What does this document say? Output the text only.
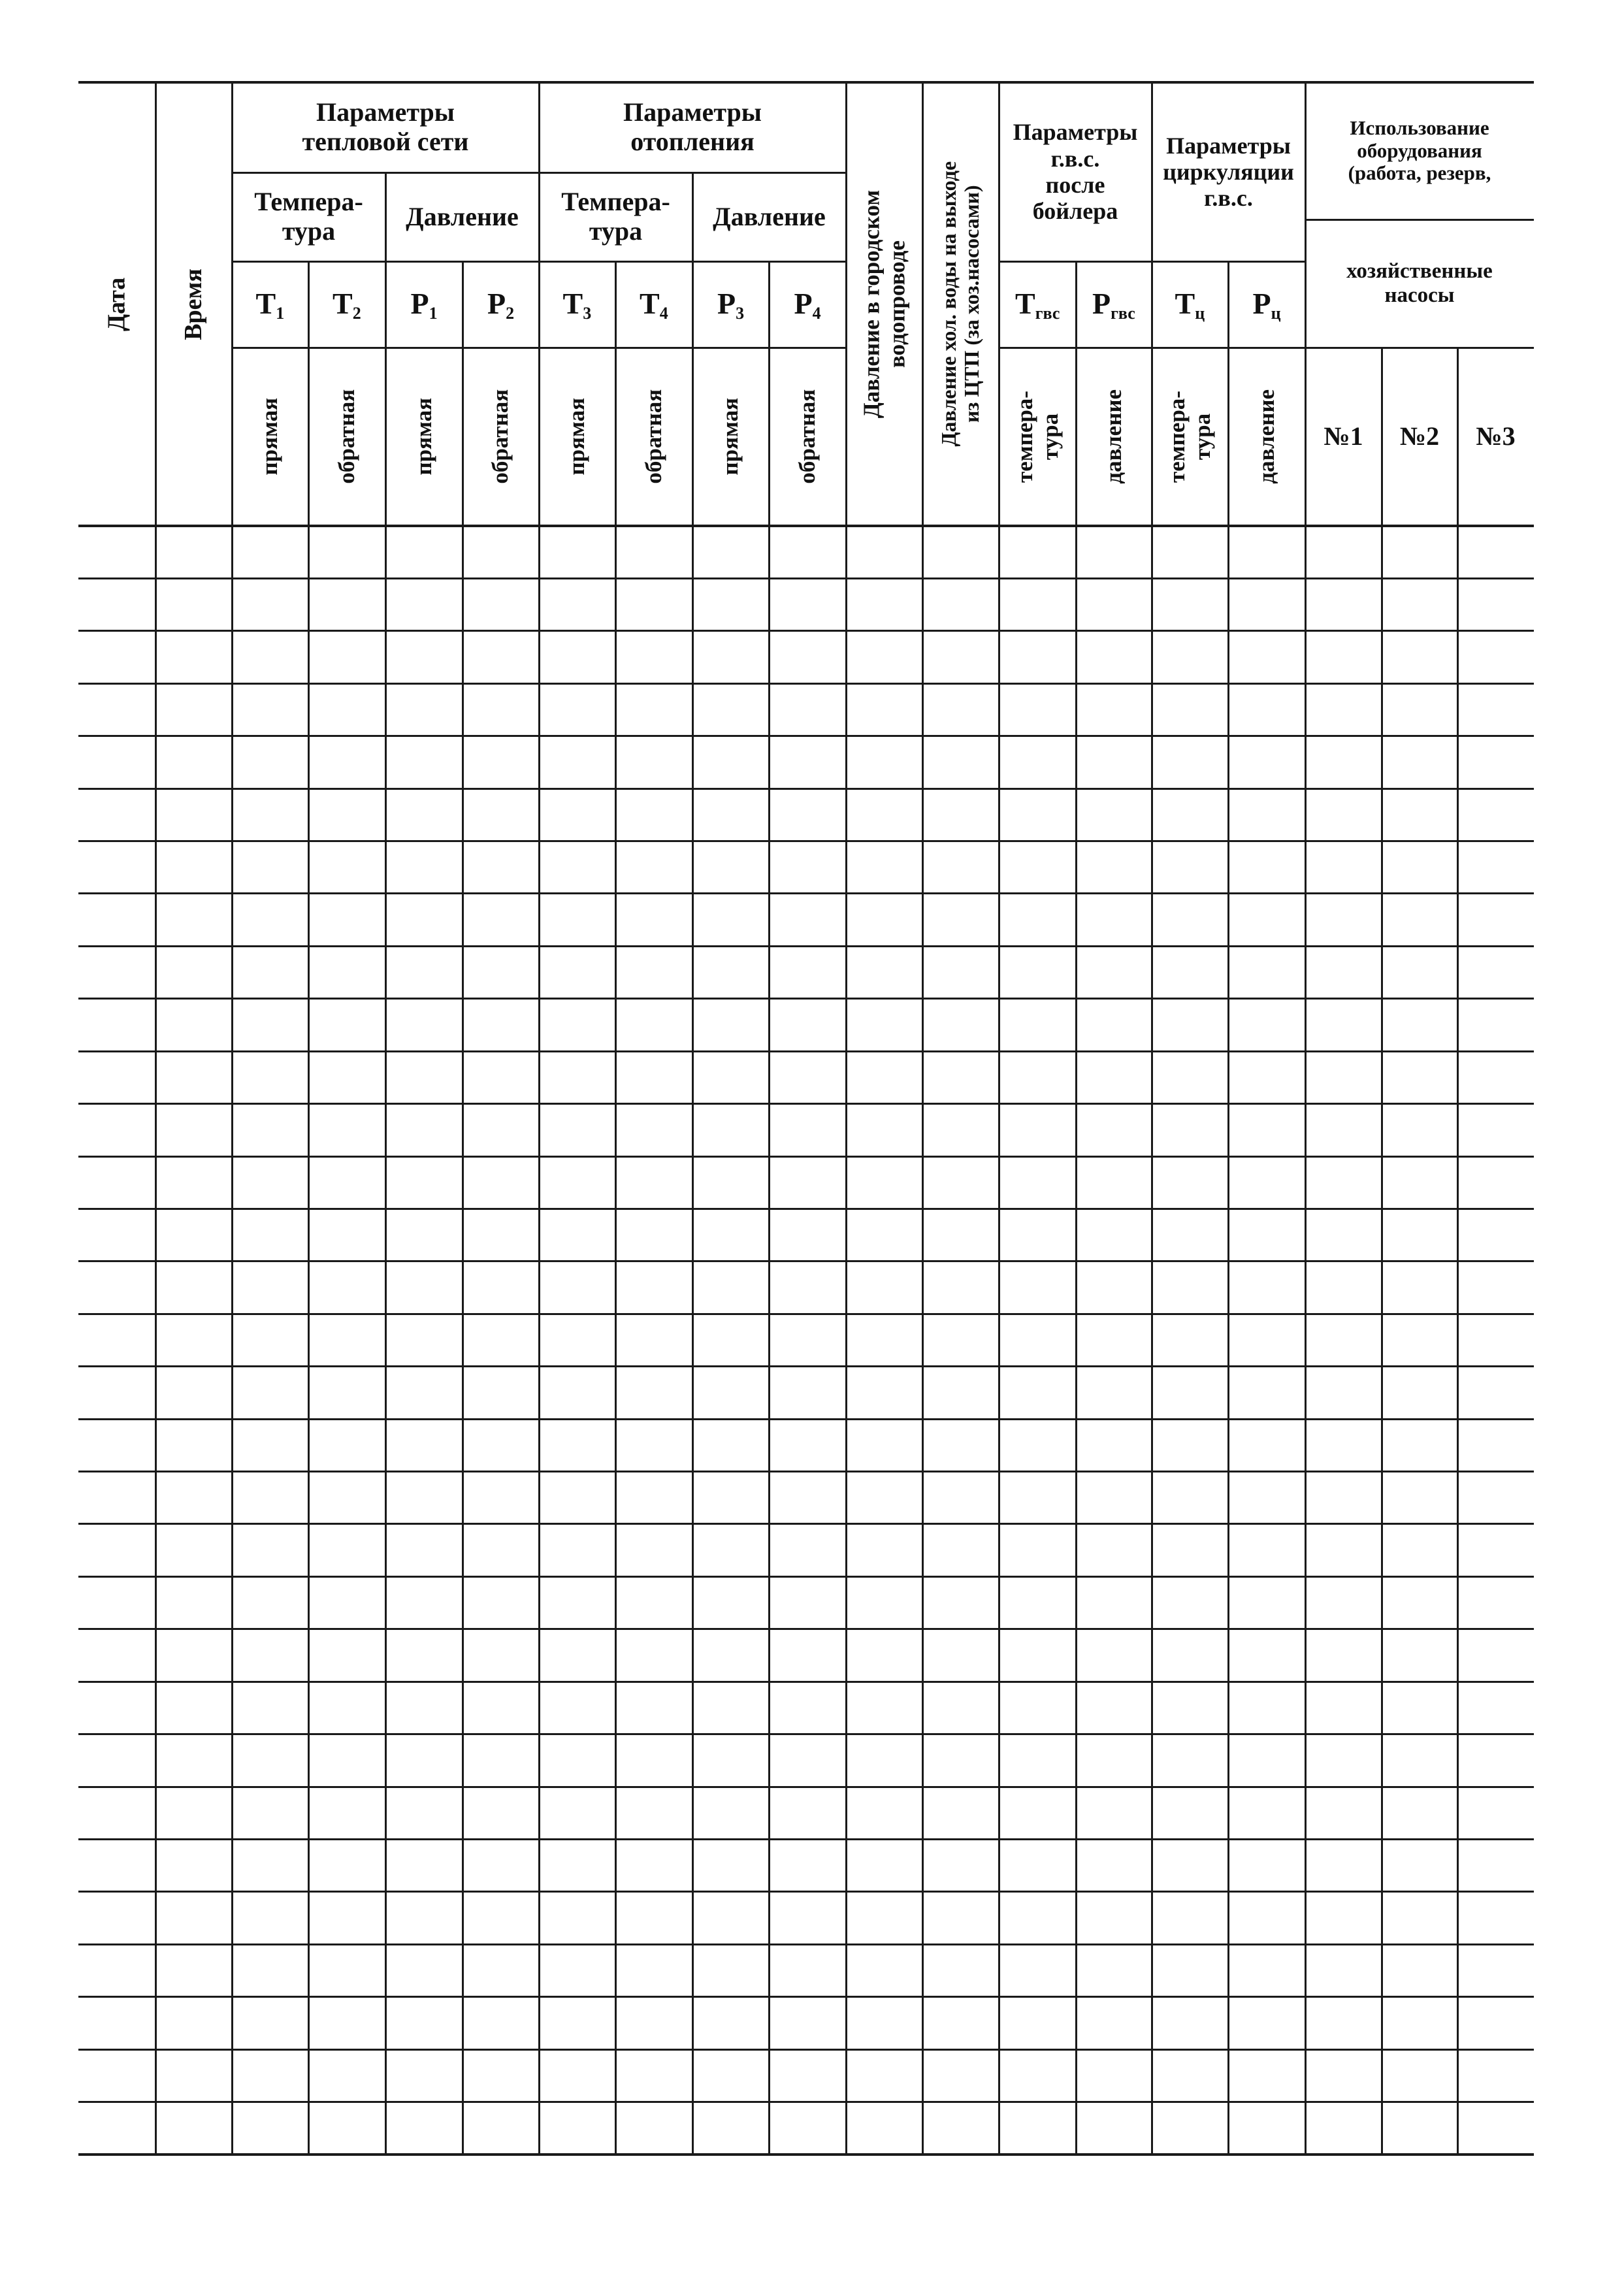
Дата Время
Параметры
тепловой сети
Темпера-
тура	Давление
$T_1$ $T_2$ $P_1$ $P_2$
прямая обратная прямая обратная
Параметры
отопления
Темпера-
тура	Давление
$T_3$ $T_4$ $P_3$ $P_4$
прямая обратная прямая обратная
Давление в городском водопроводе Давление хол. воды на выходе из ЦТП (за хоз.насосами)
Параметры
г.в.с.
после
бойлера
$T_{гвс}$ $P_{гвс}$
темпера- тура давление
Параметры
циркуляции
г.в.с.
$T_ц$ $P_ц$
темпера- тура давление
Использование
оборудования
(работа, резерв,
хозяйственные
насосы
№1 №2 №3
